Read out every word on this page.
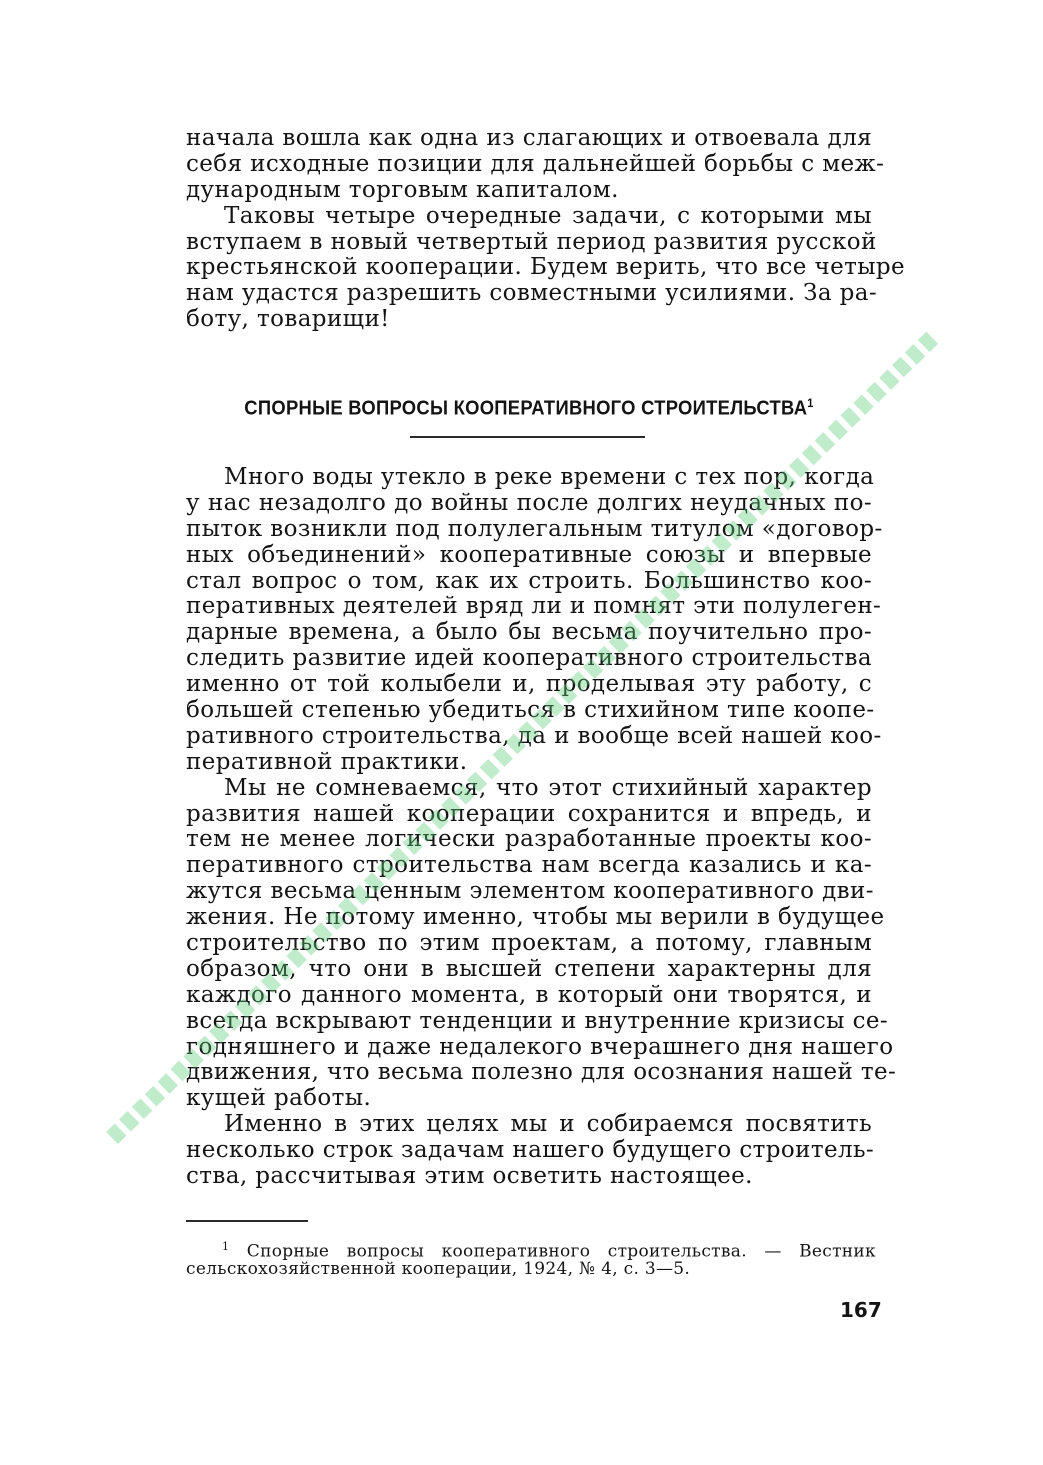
начала вошла как одна из слагающих и отвоевала для
себя исходные позиции для дальнейшей борьбы с меж-
дународным торговым капиталом.
Таковы четыре очередные задачи, с которыми мы
вступаем в новый четвертый период развития русской
крестьянской кооперации. Будем верить, что все четыре
нам удастся разрешить совместными усилиями. За ра-
боту, товарищи!
СПОРНЫЕ ВОПРОСЫ КООПЕРАТИВНОГО СТРОИТЕЛЬСТВА$^1$
Много воды утекло в реке времени с тех пор, когда
у нас незадолго до войны после долгих неудачных по-
пыток возникли под полулегальным титулом «договор-
ных объединений» кооперативные союзы и впервые
стал вопрос о том, как их строить. Большинство коо-
перативных деятелей вряд ли и помнят эти полулеген-
дарные времена, а было бы весьма поучительно про-
следить развитие идей кооперативного строительства
именно от той колыбели и, проделывая эту работу, с
большей степенью убедиться в стихийном типе коопе-
ративного строительства, да и вообще всей нашей коо-
перативной практики.
Мы не сомневаемся, что этот стихийный характер
развития нашей кооперации сохранится и впредь, и
тем не менее логически разработанные проекты коо-
перативного строительства нам всегда казались и ка-
жутся весьма ценным элементом кооперативного дви-
жения. Не потому именно, чтобы мы верили в будущее
строительство по этим проектам, а потому, главным
образом, что они в высшей степени характерны для
каждого данного момента, в который они творятся, и
всегда вскрывают тенденции и внутренние кризисы се-
годняшнего и даже недалекого вчерашнего дня нашего
движения, что весьма полезно для осознания нашей те-
кущей работы.
Именно в этих целях мы и собираемся посвятить
несколько строк задачам нашего будущего строитель-
ства, рассчитывая этим осветить настоящее.
$^1$ Спорные вопросы кооперативного строительства. — Вестник
сельскохозяйственной кооперации, 1924, № 4, с. 3—5.
167
